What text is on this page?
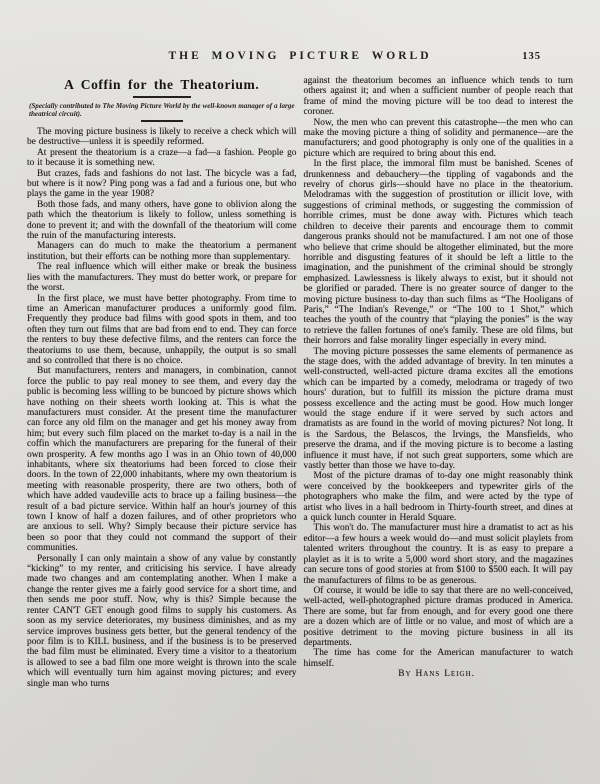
THE MOVING PICTURE WORLD	135
A Coffin for the Theatorium.

(Specially contributed to The Moving Picture World by the well-known manager of a large theatrical circuit).

The moving picture business is likely to receive a check which will be destructive—unless it is speedily reformed.

At present the theatorium is a craze—a fad—a fashion. People go to it because it is something new.

But crazes, fads and fashions do not last. The bicycle was a fad, but where is it now? Ping pong was a fad and a furious one, but who plays the game in the year 1908?

Both those fads, and many others, have gone to oblivion along the path which the theatorium is likely to follow, unless something is done to prevent it; and with the downfall of the theatorium will come the ruin of the manufacturing interests.

Managers can do much to make the theatorium a permanent institution, but their efforts can be nothing more than supplementary.

The real influence which will either make or break the business lies with the manufacturers. They must do better work, or prepare for the worst.

In the first place, we must have better photography. From time to time an American manufacturer produces a uniformly good film. Frequently they produce bad films with good spots in them, and too often they turn out films that are bad from end to end. They can force the renters to buy these defective films, and the renters can force the theatoriums to use them, because, unhappily, the output is so small and so controlled that there is no choice.

But manufacturers, renters and managers, in combination, cannot force the public to pay real money to see them, and every day the public is becoming less willing to be buncoed by picture shows which have nothing on their sheets worth looking at. This is what the manufacturers must consider. At the present time the manufacturer can force any old film on the manager and get his money away from him; but every such film placed on the market to-day is a nail in the coffin which the manufacturers are preparing for the funeral of their own prosperity. A few months ago I was in an Ohio town of 40,000 inhabitants, where six theatoriums had been forced to close their doors. In the town of 22,000 inhabitants, where my own theatorium is meeting with reasonable prosperity, there are two others, both of which have added vaudeville acts to brace up a failing business—the result of a bad picture service. Within half an hour's journey of this town I know of half a dozen failures, and of other proprietors who are anxious to sell. Why? Simply because their picture service has been so poor that they could not command the support of their communities.

Personally I can only maintain a show of any value by constantly “kicking” to my renter, and criticising his service. I have already made two changes and am contemplating another. When I make a change the renter gives me a fairly good service for a short time, and then sends me poor stuff. Now, why is this? Simple because the renter CAN'T GET enough good films to supply his customers. As soon as my service deteriorates, my business diminishes, and as my service improves business gets better, but the general tendency of the poor film is to KILL business, and if the business is to be preserved the bad film must be eliminated. Every time a visitor to a theatorium is allowed to see a bad film one more weight is thrown into the scale which will eventually turn him against moving pictures; and every single man who turns

against the theatorium becomes an influence which tends to turn others against it; and when a sufficient number of people reach that frame of mind the moving picture will be too dead to interest the coroner.

Now, the men who can prevent this catastrophe—the men who can make the moving picture a thing of solidity and permanence—are the manufacturers; and good photography is only one of the qualities in a picture which are required to bring about this end.

In the first place, the immoral film must be banished. Scenes of drunkenness and debauchery—the tippling of vagabonds and the revelry of chorus girls—should have no place in the theatorium. Melodramas with the suggestion of prostitution or illicit love, with suggestions of criminal methods, or suggesting the commission of horrible crimes, must be done away with. Pictures which teach children to deceive their parents and encourage them to commit dangerous pranks should not be manufactured. I am not one of those who believe that crime should be altogether eliminated, but the more horrible and disgusting features of it should be left a little to the imagination, and the punishment of the criminal should be strongly emphasized. Lawlessness is likely always to exist, but it should not be glorified or paraded. There is no greater source of danger to the moving picture business to-day than such films as “The Hooligans of Paris,” “The Indian's Revenge,” or “The 100 to 1 Shot,” which teaches the youth of the country that “playing the ponies” is the way to retrieve the fallen fortunes of one's family. These are old films, but their horrors and false morality linger especially in every mind.

The moving picture possesses the same elements of permanence as the stage does, with the added advantage of brevity. In ten minutes a well-constructed, well-acted picture drama excites all the emotions which can be imparted by a comedy, melodrama or tragedy of two hours' duration, but to fulfill its mission the picture drama must possess excellence and the acting must be good. How much longer would the stage endure if it were served by such actors and dramatists as are found in the world of moving pictures? Not long. It is the Sardous, the Belascos, the Irvings, the Mansfields, who preserve the drama, and if the moving picture is to become a lasting influence it must have, if not such great supporters, some which are vastly better than those we have to-day.

Most of the picture dramas of to-day one might reasonably think were conceived by the bookkeepers and typewriter girls of the photographers who make the film, and were acted by the type of artist who lives in a hall bedroom in Thirty-fourth street, and dines at a quick lunch counter in Herald Square.

This won't do. The manufacturer must hire a dramatist to act as his editor—a few hours a week would do—and must solicit playlets from talented writers throughout the country. It is as easy to prepare a playlet as it is to write a 5,000 word short story, and the magazines can secure tons of good stories at from $100 to $500 each. It will pay the manufacturers of films to be as generous.

Of course, it would be idle to say that there are no well-conceived, well-acted, well-photographed picture dramas produced in America. There are some, but far from enough, and for every good one there are a dozen which are of little or no value, and most of which are a positive detriment to the moving picture business in all its departments.

The time has come for the American manufacturer to watch himself.

By Hans Leigh.
